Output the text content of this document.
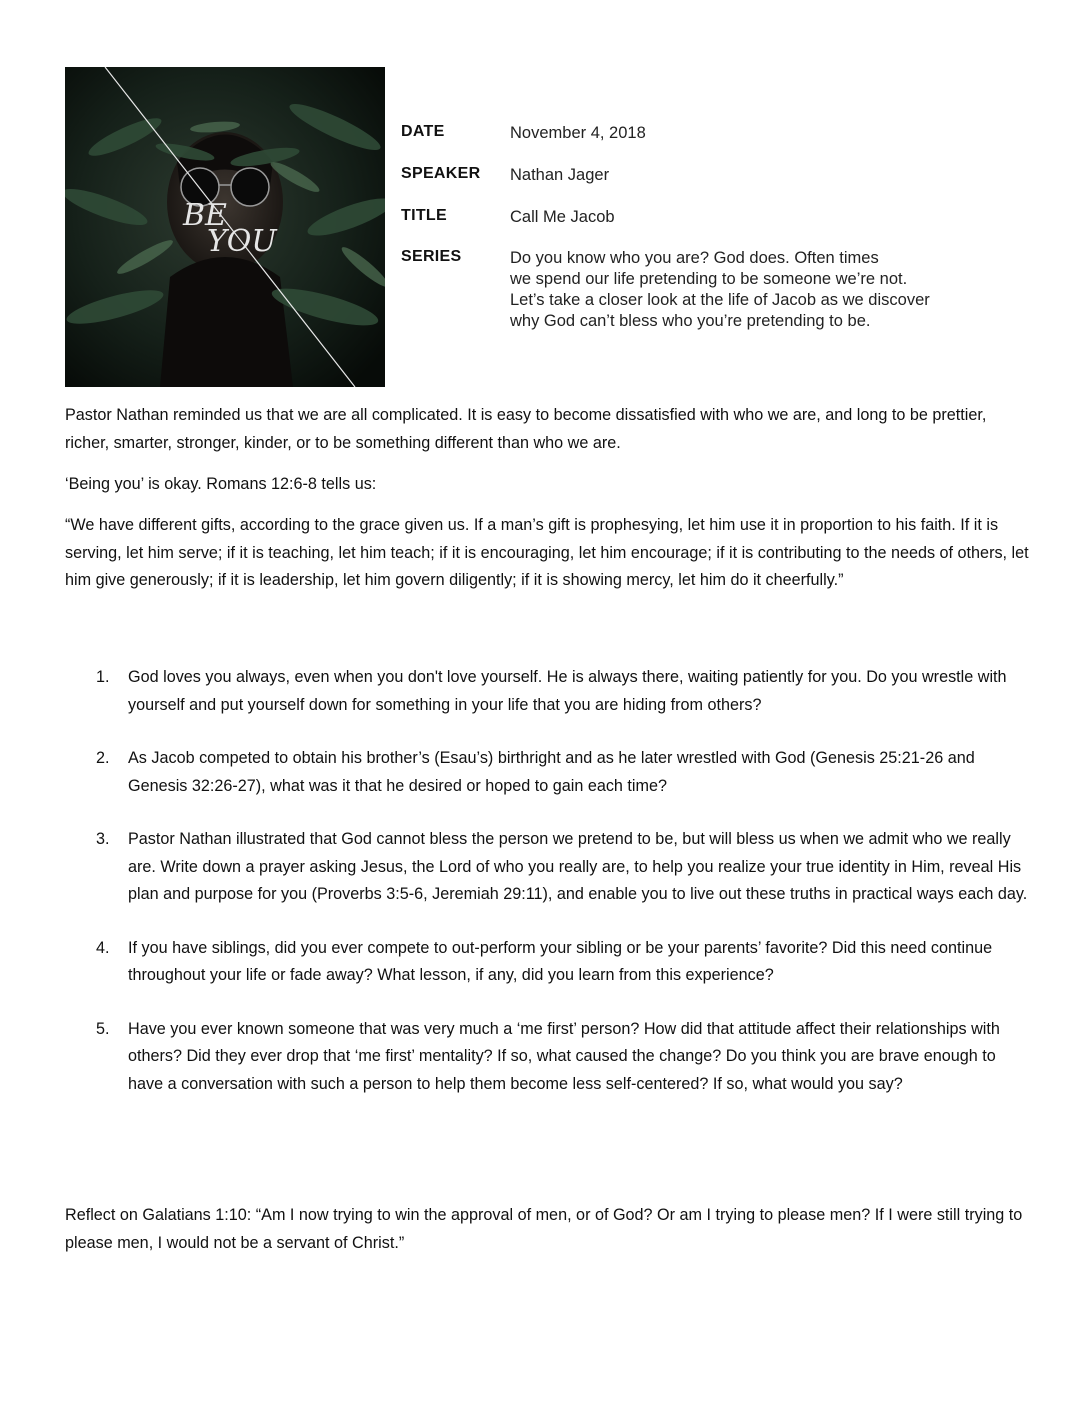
BE
YOU
DATE	November 4, 2018
SPEAKER	Nathan Jager
TITLE	Call Me Jacob
SERIES	Do you know who you are? God does. Often times
we spend our life pretending to be someone we’re not.
Let’s take a closer look at the life of Jacob as we discover
why God can’t bless who you’re pretending to be.

Pastor Nathan reminded us that we are all complicated. It is easy to become dissatisfied with who we are, and long to be prettier, richer, smarter, stronger, kinder, or to be something different than who we are.

‘Being you’ is okay. Romans 12:6-8 tells us:

“We have different gifts, according to the grace given us. If a man’s gift is prophesying, let him use it in proportion to his faith. If it is serving, let him serve; if it is teaching, let him teach; if it is encouraging, let him encourage; if it is contributing to the needs of others, let him give generously; if it is leadership, let him govern diligently; if it is showing mercy, let him do it cheerfully.”

1. God loves you always, even when you don't love yourself. He is always there, waiting patiently for you. Do you wrestle with yourself and put yourself down for something in your life that you are hiding from others?
2. As Jacob competed to obtain his brother’s (Esau’s) birthright and as he later wrestled with God (Genesis 25:21-26 and Genesis 32:26-27), what was it that he desired or hoped to gain each time?
3. Pastor Nathan illustrated that God cannot bless the person we pretend to be, but will bless us when we admit who we really are. Write down a prayer asking Jesus, the Lord of who you really are, to help you realize your true identity in Him, reveal His plan and purpose for you (Proverbs 3:5-6, Jeremiah 29:11), and enable you to live out these truths in practical ways each day.
4. If you have siblings, did you ever compete to out-perform your sibling or be your parents’ favorite? Did this need continue throughout your life or fade away? What lesson, if any, did you learn from this experience?
5. Have you ever known someone that was very much a ‘me first’ person? How did that attitude affect their relationships with others? Did they ever drop that ‘me first’ mentality? If so, what caused the change? Do you think you are brave enough to have a conversation with such a person to help them become less self-centered? If so, what would you say?

Reflect on Galatians 1:10: “Am I now trying to win the approval of men, or of God? Or am I trying to please men? If I were still trying to please men, I would not be a servant of Christ.”
